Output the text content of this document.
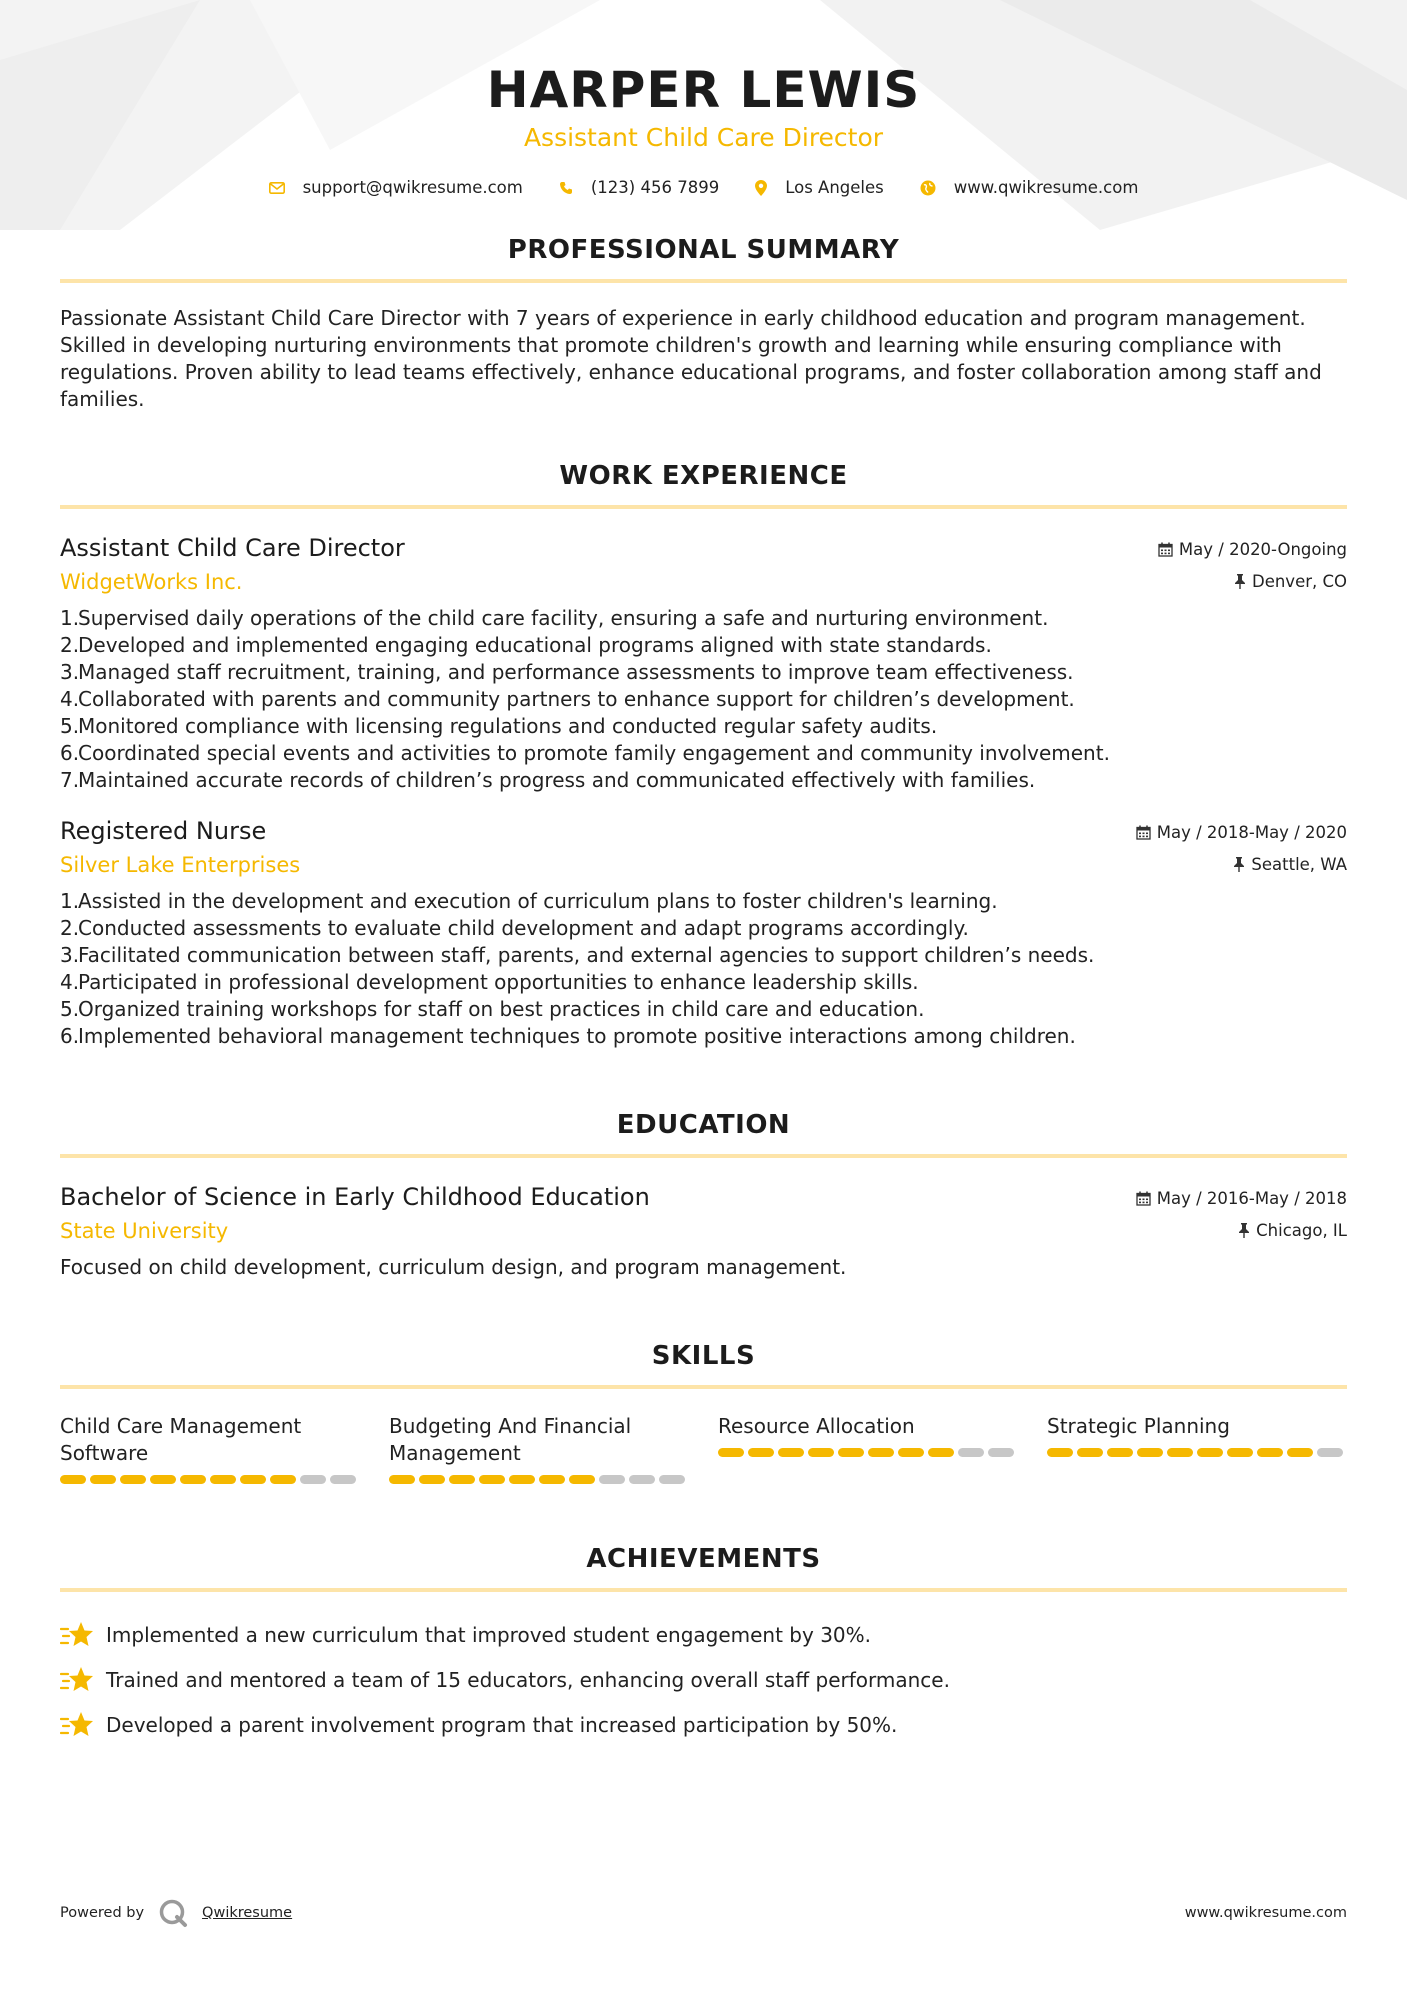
HARPER LEWIS
Assistant Child Care Director
support@qwikresume.com	(123) 456 7899	Los Angeles	www.qwikresume.com
PROFESSIONAL SUMMARY

Passionate Assistant Child Care Director with 7 years of experience in early childhood education and program management. Skilled in developing nurturing environments that promote children's growth and learning while ensuring compliance with regulations. Proven ability to lead teams effectively, enhance educational programs, and foster collaboration among staff and families.

WORK EXPERIENCE
Assistant Child Care Director
WidgetWorks Inc.
May / 2020-Ongoing
Denver, CO
1.
Supervised daily operations of the child care facility, ensuring a safe and nurturing environment.
2.
Developed and implemented engaging educational programs aligned with state standards.
3.
Managed staff recruitment, training, and performance assessments to improve team effectiveness.
4.
Collaborated with parents and community partners to enhance support for children’s development.
5.
Monitored compliance with licensing regulations and conducted regular safety audits.
6.
Coordinated special events and activities to promote family engagement and community involvement.
7.
Maintained accurate records of children’s progress and communicated effectively with families.
Registered Nurse
Silver Lake Enterprises
May / 2018-May / 2020
Seattle, WA
1.
Assisted in the development and execution of curriculum plans to foster children's learning.
2.
Conducted assessments to evaluate child development and adapt programs accordingly.
3.
Facilitated communication between staff, parents, and external agencies to support children’s needs.
4.
Participated in professional development opportunities to enhance leadership skills.
5.
Organized training workshops for staff on best practices in child care and education.
6.
Implemented behavioral management techniques to promote positive interactions among children.
EDUCATION
Bachelor of Science in Early Childhood Education
State University
May / 2016-May / 2018
Chicago, IL

Focused on child development, curriculum design, and program management.

SKILLS
Child Care Management Software
Budgeting And Financial Management
Resource Allocation	Strategic Planning
ACHIEVEMENTS
Implemented a new curriculum that improved student engagement by 30%.
Trained and mentored a team of 15 educators, enhancing overall staff performance.
Developed a parent involvement program that increased participation by 50%.
Powered by	Qwikresume	www.qwikresume.com
